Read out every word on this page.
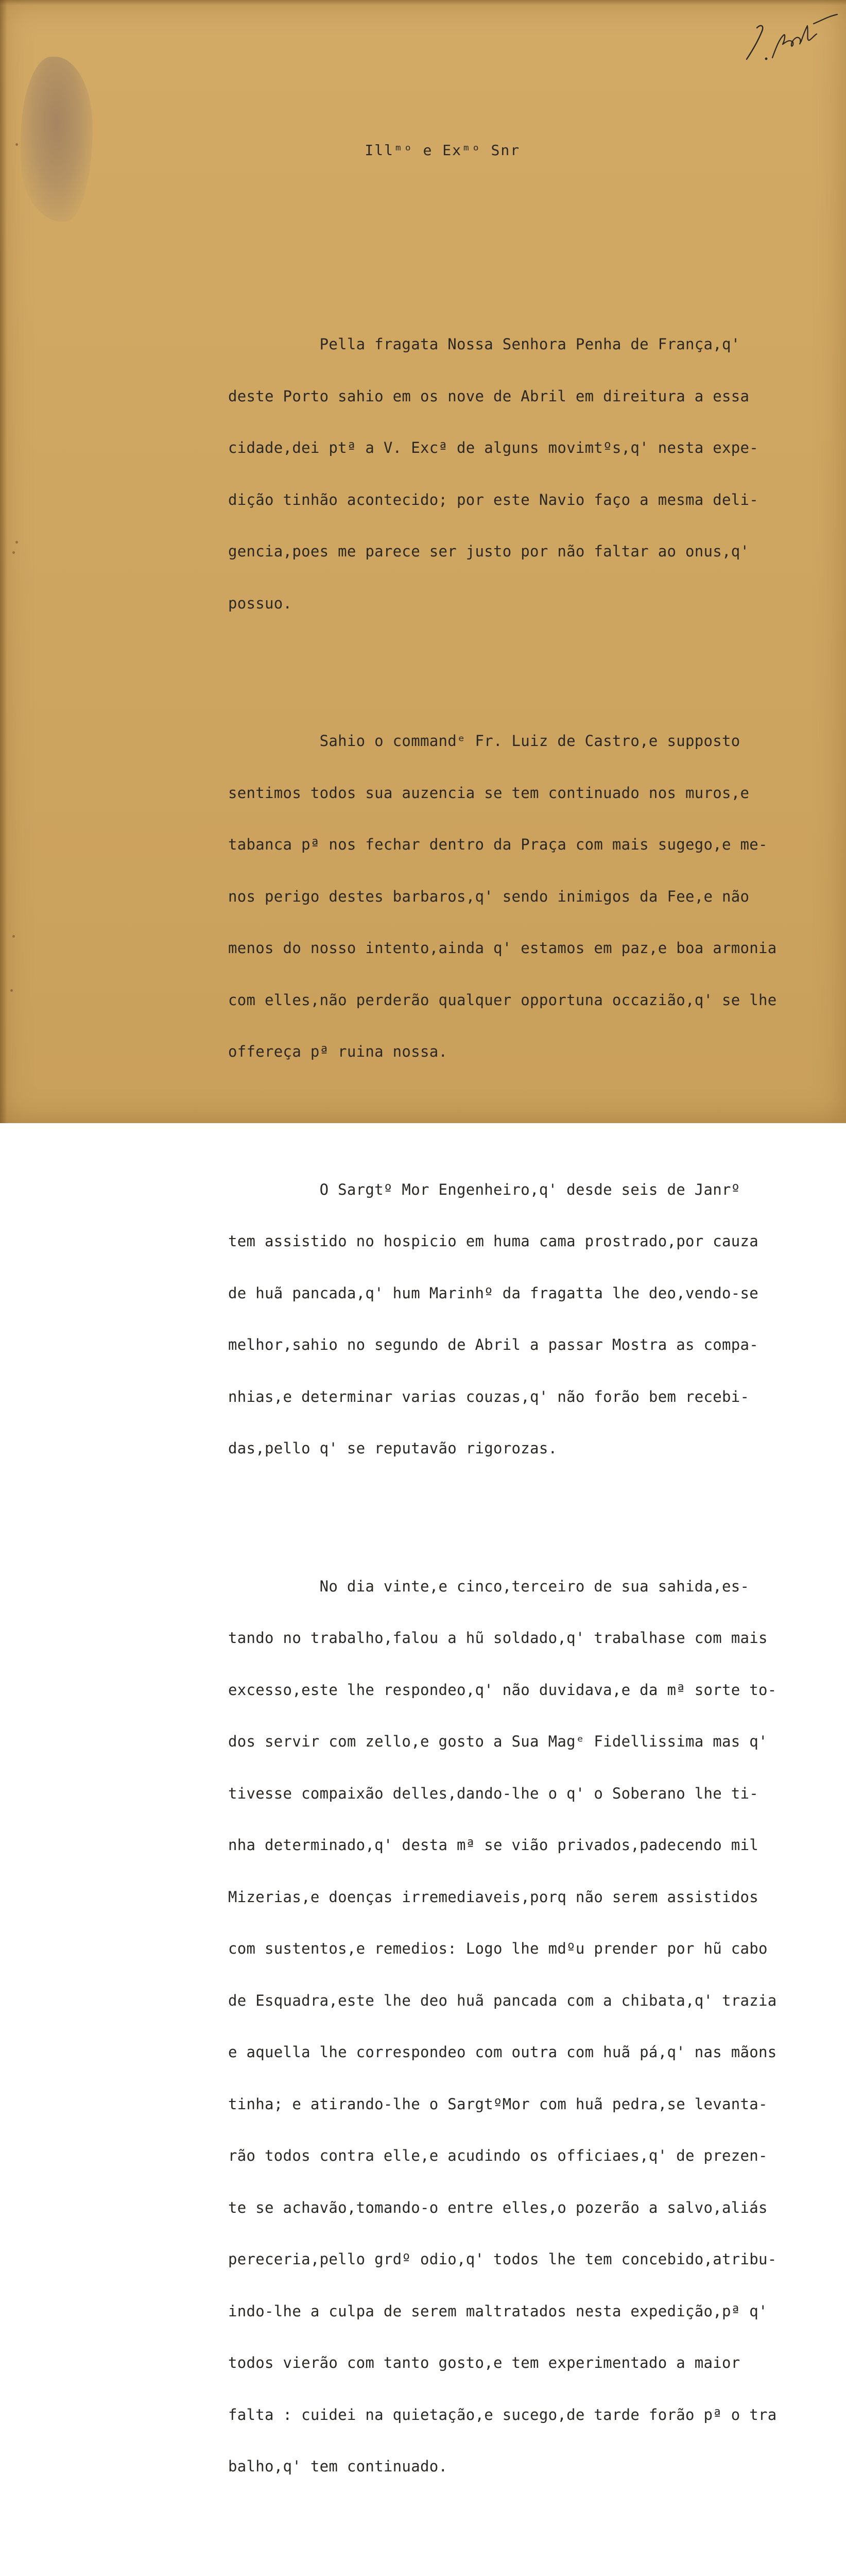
Illᵐᵒ e Exᵐᵒ Snr

Pella fragata Nossa Senhora Penha de França,q'

deste Porto sahio em os nove de Abril em direitura a essa

cidade,dei ptª a V. Excª de alguns movimtºs,q' nesta expe-

dição tinhão acontecido; por este Navio faço a mesma deli-

gencia,poes me parece ser justo por não faltar ao onus,q'

possuo.

Sahio o commandᵉ Fr. Luiz de Castro,e supposto

sentimos todos sua auzencia se tem continuado nos muros,e

tabanca pª nos fechar dentro da Praça com mais sugego,e me-

nos perigo destes barbaros,q' sendo inimigos da Fee,e não

menos do nosso intento,ainda q' estamos em paz,e boa armonia

com elles,não perderão qualquer opportuna occazião,q' se lhe

offereça pª ruina nossa.

O Sargtº Mor Engenheiro,q' desde seis de Janrº

tem assistido no hospicio em huma cama prostrado,por cauza

de huã pancada,q' hum Marinhº da fragatta lhe deo,vendo-se

melhor,sahio no segundo de Abril a passar Mostra as compa-

nhias,e determinar varias couzas,q' não forão bem recebi-

das,pello q' se reputavão rigorozas.

No dia vinte,e cinco,terceiro de sua sahida,es-

tando no trabalho,falou a hũ soldado,q' trabalhase com mais

excesso,este lhe respondeo,q' não duvidava,e da mª sorte to-

dos servir com zello,e gosto a Sua Magᵉ Fidellissima mas q'

tivesse compaixão delles,dando-lhe o q' o Soberano lhe ti-

nha determinado,q' desta mª se vião privados,padecendo mil

Mizerias,e doenças irremediaveis,porq não serem assistidos

com sustentos,e remedios: Logo lhe mdºu prender por hũ cabo

de Esquadra,este lhe deo huã pancada com a chibata,q' trazia

e aquella lhe correspondeo com outra com huã pá,q' nas mãons

tinha; e atirando-lhe o SargtºMor com huã pedra,se levanta-

rão todos contra elle,e acudindo os officiaes,q' de prezen-

te se achavão,tomando-o entre elles,o pozerão a salvo,aliás

pereceria,pello grdº odio,q' todos lhe tem concebido,atribu-

indo-lhe a culpa de serem maltratados nesta expedição,pª q'

todos vierão com tanto gosto,e tem experimentado a maior

falta : cuidei na quietação,e sucego,de tarde forão pª o tra

balho,q' tem continuado.
